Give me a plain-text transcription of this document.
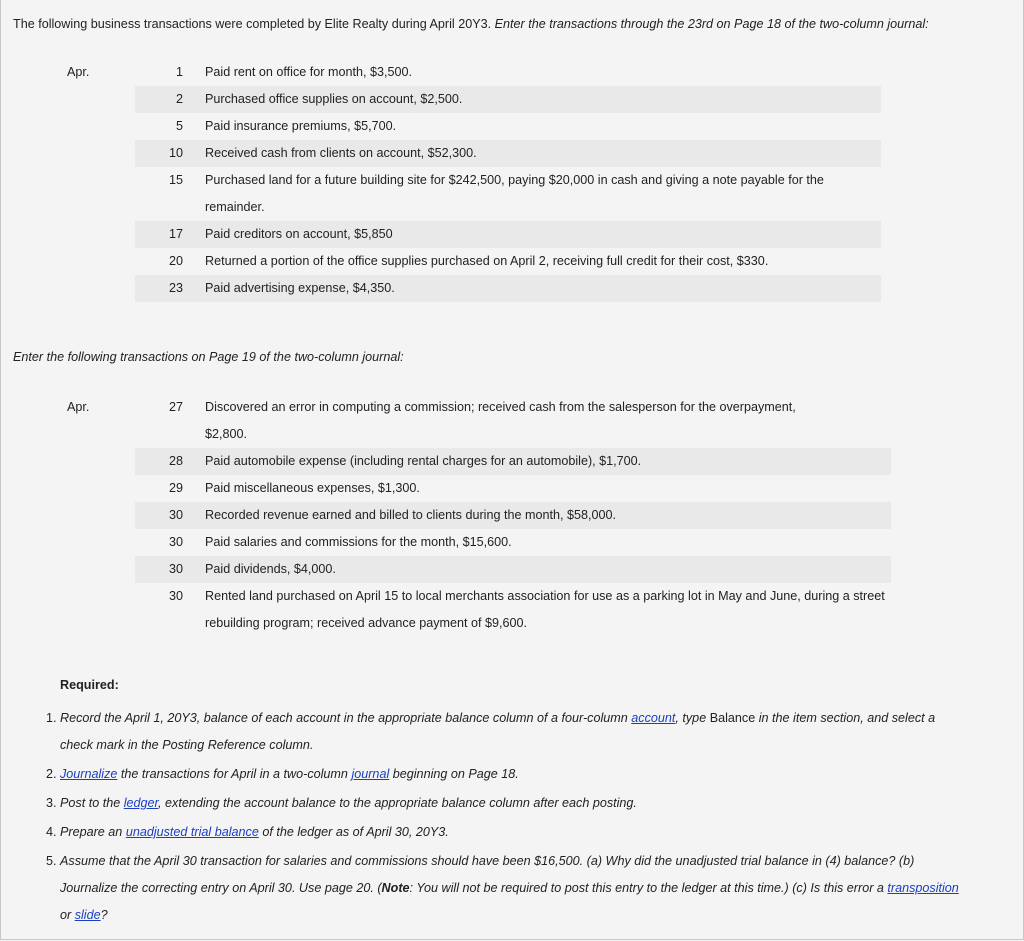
The following business transactions were completed by Elite Realty during April 20Y3. Enter the transactions through the 23rd on Page 18 of the two-column journal:
Apr.	1	Paid rent on office for month, $3,500.
	2	Purchased office supplies on account, $2,500.
	5	Paid insurance premiums, $5,700.
	10	Received cash from clients on account, $52,300.
	15	Purchased land for a future building site for $242,500, paying $20,000 in cash and giving a note payable for the remainder.
	17	Paid creditors on account, $5,850
	20	Returned a portion of the office supplies purchased on April 2, receiving full credit for their cost, $330.
	23	Paid advertising expense, $4,350.
Enter the following transactions on Page 19 of the two-column journal:
Apr.	27	Discovered an error in computing a commission; received cash from the salesperson for the overpayment, $2,800.
	28	Paid automobile expense (including rental charges for an automobile), $1,700.
	29	Paid miscellaneous expenses, $1,300.
	30	Recorded revenue earned and billed to clients during the month, $58,000.
	30	Paid salaries and commissions for the month, $15,600.
	30	Paid dividends, $4,000.
	30	Rented land purchased on April 15 to local merchants association for use as a parking lot in May and June, during a street rebuilding program; received advance payment of $9,600.
Required:
1. Record the April 1, 20Y3, balance of each account in the appropriate balance column of a four-column account, type Balance in the item section, and select a check mark in the Posting Reference column.
2. Journalize the transactions for April in a two-column journal beginning on Page 18.
3. Post to the ledger, extending the account balance to the appropriate balance column after each posting.
4. Prepare an unadjusted trial balance of the ledger as of April 30, 20Y3.
5. Assume that the April 30 transaction for salaries and commissions should have been $16,500. (a) Why did the unadjusted trial balance in (4) balance? (b) Journalize the correcting entry on April 30. Use page 20. (Note: You will not be required to post this entry to the ledger at this time.) (c) Is this error a transposition or slide?
